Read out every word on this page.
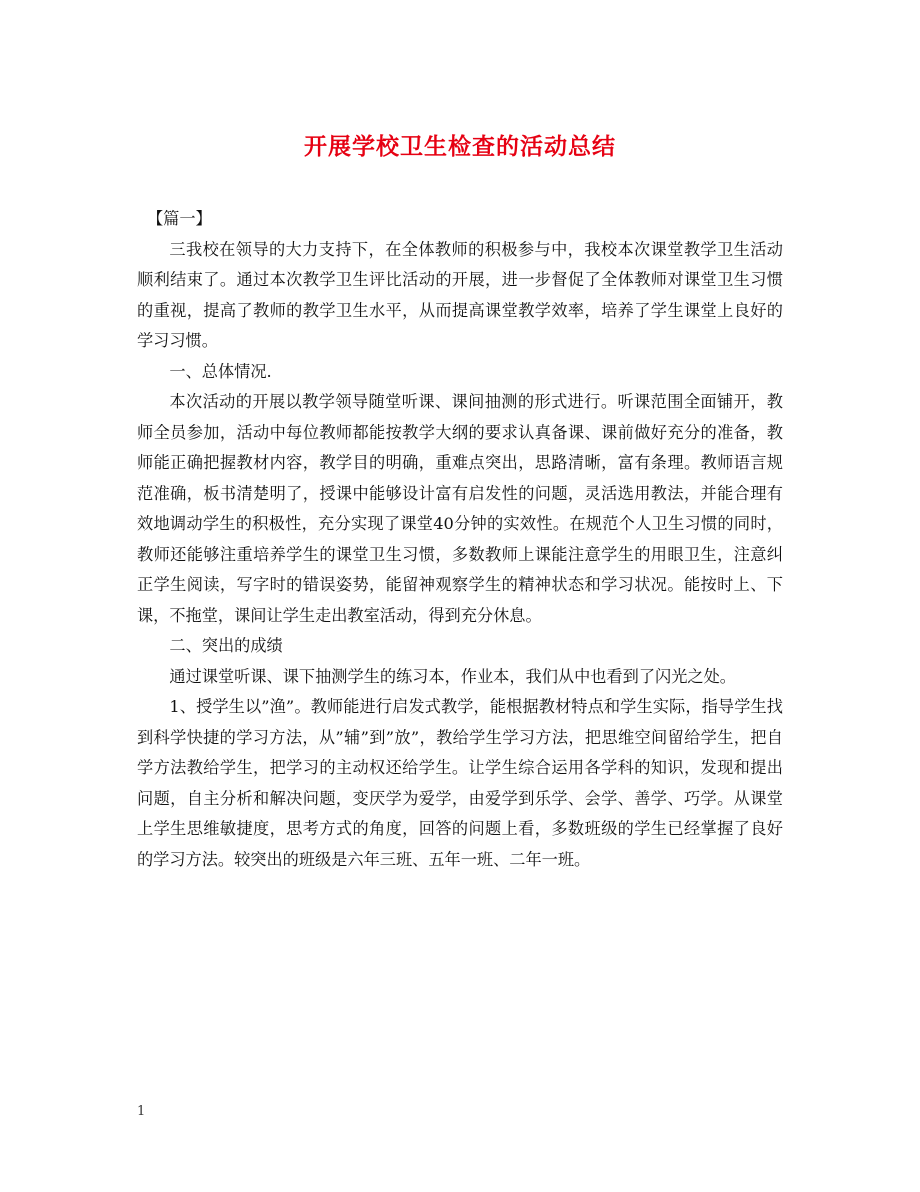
开展学校卫生检查的活动总结

【篇一】

三我校在领导的大力支持下，在全体教师的积极参与中，我校本次课堂教学卫生活动顺利结束了。通过本次教学卫生评比活动的开展，进一步督促了全体教师对课堂卫生习惯的重视，提高了教师的教学卫生水平，从而提高课堂教学效率，培养了学生课堂上良好的学习习惯。

一、总体情况.

本次活动的开展以教学领导随堂听课、课间抽测的形式进行。听课范围全面铺开，教师全员参加，活动中每位教师都能按教学大纲的要求认真备课、课前做好充分的准备，教师能正确把握教材内容，教学目的明确，重难点突出，思路清晰，富有条理。教师语言规范准确，板书清楚明了，授课中能够设计富有启发性的问题，灵活选用教法，并能合理有效地调动学生的积极性，充分实现了课堂40分钟的实效性。在规范个人卫生习惯的同时，教师还能够注重培养学生的课堂卫生习惯，多数教师上课能注意学生的用眼卫生，注意纠正学生阅读，写字时的错误姿势，能留神观察学生的精神状态和学习状况。能按时上、下课，不拖堂，课间让学生走出教室活动，得到充分休息。

二、突出的成绩

通过课堂听课、课下抽测学生的练习本，作业本，我们从中也看到了闪光之处。

1、授学生以”渔”。教师能进行启发式教学，能根据教材特点和学生实际，指导学生找到科学快捷的学习方法，从”辅”到”放”，教给学生学习方法，把思维空间留给学生，把自学方法教给学生，把学习的主动权还给学生。让学生综合运用各学科的知识，发现和提出问题，自主分析和解决问题，变厌学为爱学，由爱学到乐学、会学、善学、巧学。从课堂上学生思维敏捷度，思考方式的角度，回答的问题上看，多数班级的学生已经掌握了良好的学习方法。较突出的班级是六年三班、五年一班、二年一班。

1
